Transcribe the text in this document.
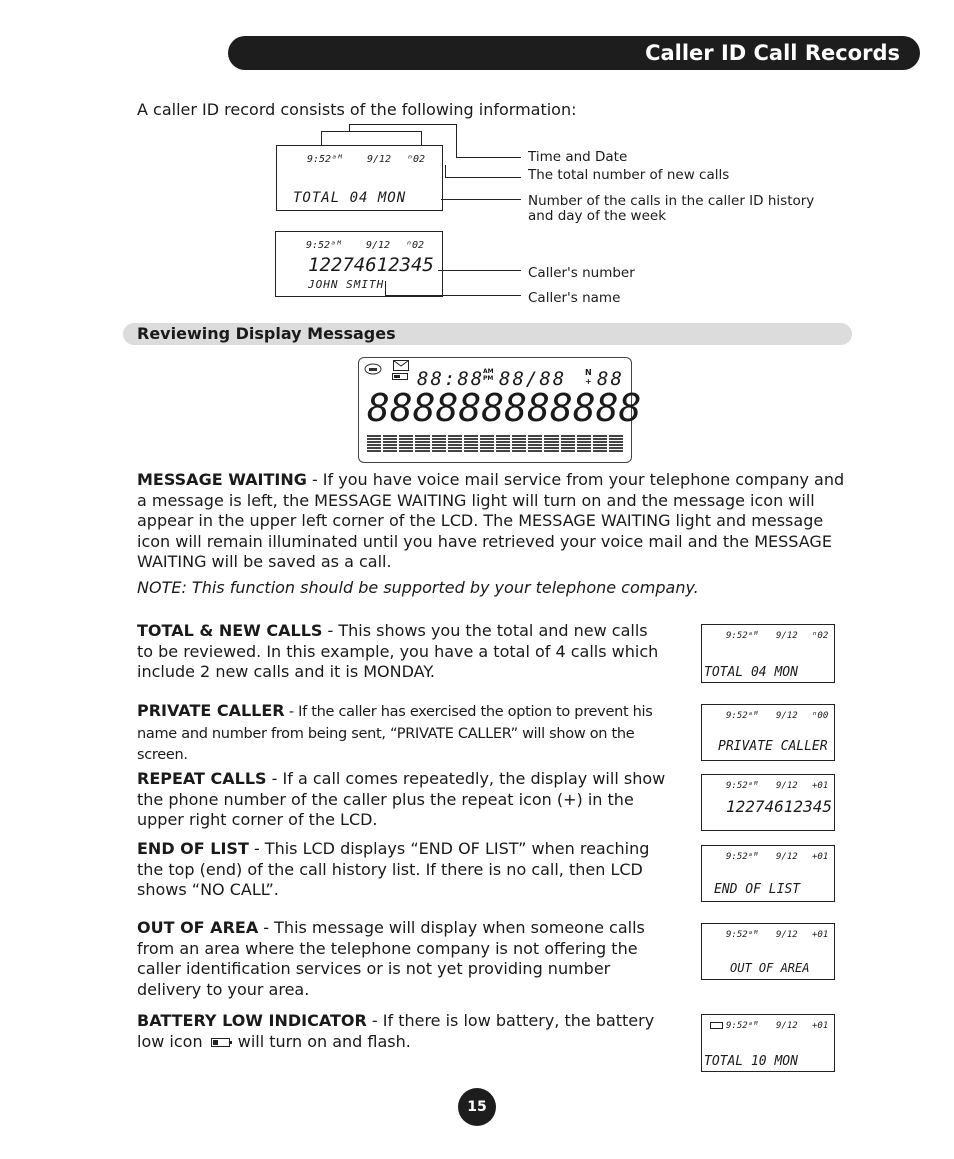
Caller ID Call Records
A caller ID record consists of the following information:
9:52ᵃᴹ 9/12 ⁿ02
TOTAL 04 MON
9:52ᵃᴹ 9/12 ⁿ02
12274612345
JOHN SMITH
Time and Date
The total number of new calls
Number of the calls in the caller ID history
and day of the week
Caller's number
Caller's name
Reviewing Display Messages
88:88
AM PM 88/88 N + 88
888888888888
MESSAGE WAITING - If you have voice mail service from your telephone company and a message is left, the MESSAGE WAITING light will turn on and the message icon will appear in the upper left corner of the LCD. The MESSAGE WAITING light and message icon will remain illuminated until you have retrieved your voice mail and the MESSAGE WAITING will be saved as a call.
NOTE: This function should be supported by your telephone company.
TOTAL & NEW CALLS - This shows you the total and new calls to be reviewed. In this example, you have a total of 4 calls which include 2 new calls and it is MONDAY.
PRIVATE CALLER - If the caller has exercised the option to prevent his name and number from being sent, “PRIVATE CALLER” will show on the screen.
REPEAT CALLS - If a call comes repeatedly, the display will show the phone number of the caller plus the repeat icon (+) in the upper right corner of the LCD.
END OF LIST - This LCD displays “END OF LIST” when reaching the top (end) of the call history list. If there is no call, then LCD shows “NO CALL”.
OUT OF AREA - This message will display when someone calls from an area where the telephone company is not offering the caller identification services or is not yet providing number delivery to your area.
BATTERY LOW INDICATOR - If there is low battery, the battery low icon  will turn on and flash.
9:52ᵃᴹ 9/12 ⁿ02
TOTAL 04 MON
9:52ᵃᴹ 9/12 ⁿ00
PRIVATE CALLER
9:52ᵃᴹ 9/12 +01
12274612345
9:52ᵃᴹ 9/12 +01
END OF LIST
9:52ᵃᴹ 9/12 +01
OUT OF AREA
9:52ᵃᴹ 9/12 +01
TOTAL 10 MON
15
